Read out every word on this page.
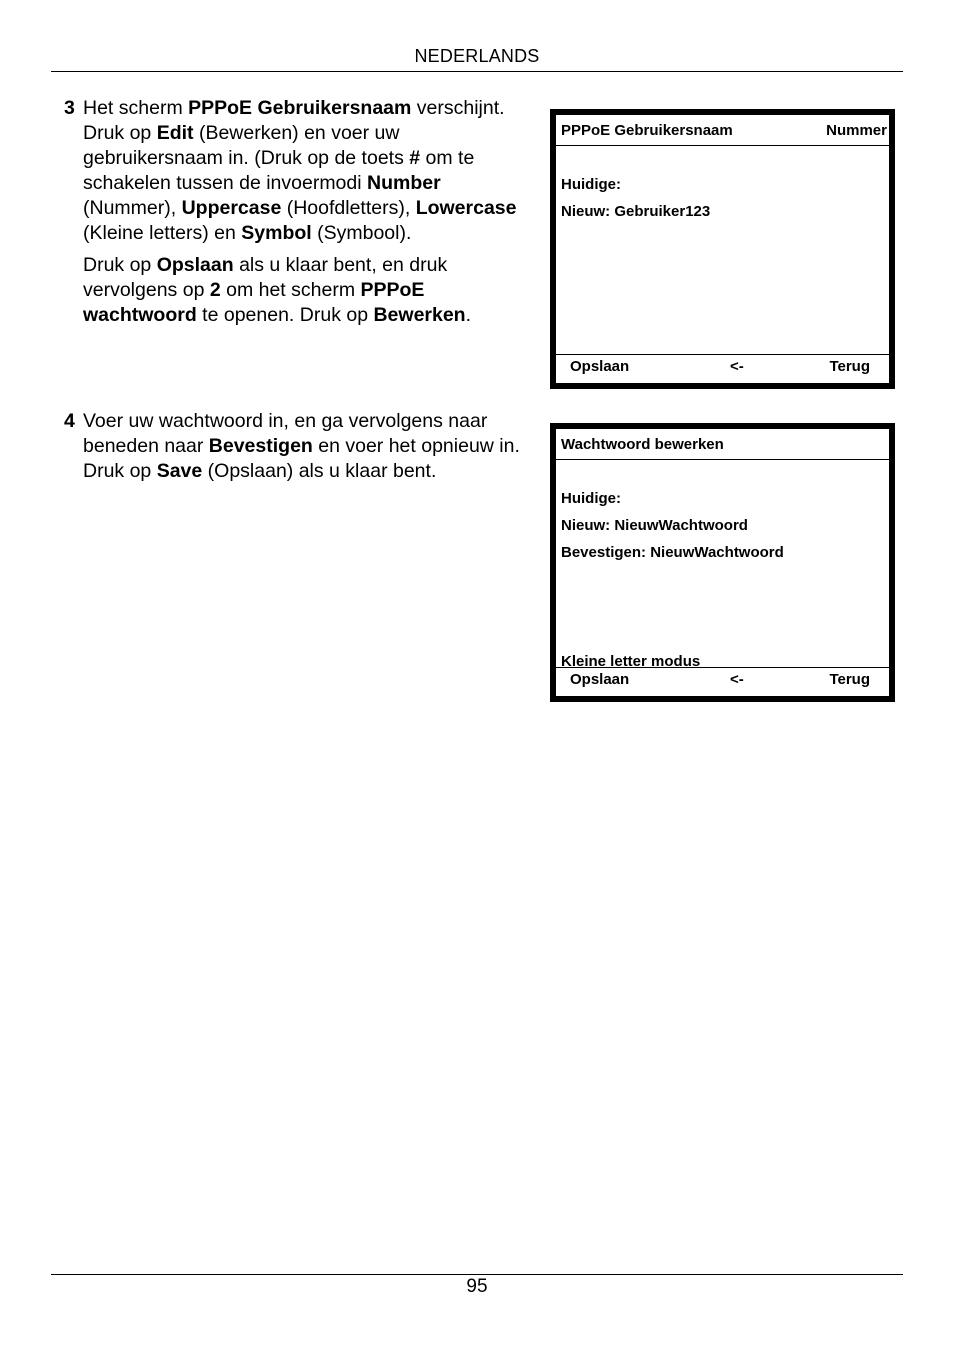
NEDERLANDS
3 Het scherm PPPoE Gebruikersnaam verschijnt. Druk op Edit (Bewerken) en voer uw gebruikersnaam in. (Druk op de toets # om te schakelen tussen de invoermodi Number (Nummer), Uppercase (Hoofdletters), Lowercase (Kleine letters) en Symbol (Symbool).

Druk op Opslaan als u klaar bent, en druk vervolgens op 2 om het scherm PPPoE wachtwoord te openen. Druk op Bewerken.

4 Voer uw wachtwoord in, en ga vervolgens naar beneden naar Bevestigen en voer het opnieuw in. Druk op Save (Opslaan) als u klaar bent.

PPPoE Gebruikersnaam	Nummer
Huidige:
Nieuw: Gebruiker123
Opslaan	<-	Terug
Wachtwoord bewerken
Huidige:
Nieuw: NieuwWachtwoord
Bevestigen: NieuwWachtwoord
Kleine letter modus
Opslaan	<-	Terug
95
